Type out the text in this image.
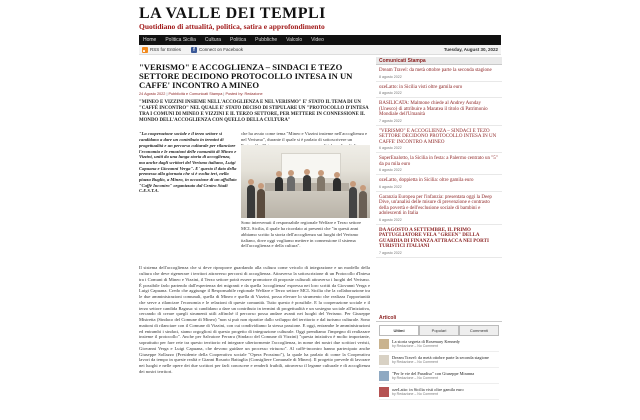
LA VALLE DEI TEMPLI
Quotidiano di attualità, politica, satira e approfondimento
Home Politica Sicilia Cultura Politica Pubbliche Valcolo Video
RSS for Entries	f Connect on Facebook	Tuesday, August 30, 2022
"VERISMO" E ACCOGLIENZA – SINDACI E TEZO SETTORE DECIDONO PROTOCOLLO INTESA IN UN CAFFE' INCONTRO A MINEO
24 Agosto 2022 | Pubblicità e Comunicati Stampa | Posted by: Redazione
"MINEO E VIZZINI INSIEME NELL'ACCOGLIENZA E NEL VERISMO" E' STATO IL TEMA DI UN "CAFFÈ INCONTRO" NEL QUALE E' STATO DECISO DI STIPULARE UN "PROTOCOLLO D'INTESA TRA I COMUNI DI MINEO E VIZZINI E IL TERZO SETTORE, PER METTERE IN CONNESSIONE IL MONDO DELL'ACCOGLIENZA CON QUELLO DELLA CULTURA"
"La cooperazione sociale e il terzo settore si candidano a dare un contributo in termini di progettualità e un percorso culturale per rilanciare l'economia e le emozioni delle comunità di Mineo e Vizzini, uniti da una lunga storia di accoglienza, ma anche dagli scrittori del Verismo italiano, Luigi Capuana e Giovanni Verga". E' questo il dato della premessa alla giornata che si è svolta ieri, nella piazza Buglio, a Mineo, in occasione di un affollato "Caffè Incontro" organizzato dal Centro Studi C.E.S.T.A.
che ha avuto come tema "Mineo e Vizzini insieme nell'accoglienza e nel Verismo", durante il quale si è parlato di sottoscrivere un
Sono intervenuti il responsabile regionale Welfare e Terzo settore MCL Sicilia, il quale ha ricordato ai presenti che "in questi anni abbiamo scritto la storia dell'accoglienza sui luoghi del Verismo italiano, dove oggi vogliamo mettere in connessione il sistema dell'accoglienza e della cultura".
Il sistema dell'accoglienza che si deve riproporre guardando alla cultura come veicolo di integrazione e un modello della cultura che deve rigenerare i territori attraverso percorsi di accoglienza. Attraverso la sottoscrizione di un Protocollo d'Intesa tra i Comuni di Mineo e Vizzini, il Terzo settore potrà essere promotore di proposte culturali attraverso i luoghi del Verismo. È possibile farlo partendo dall'esperienza dei migranti e da quella 'accoglienza' espressa nei loro scritti da Giovanni Verga e Luigi Capuana. Credo che aggiunge il Responsabile regionale Welfare e Terzo settore MCL Sicilia che la collaborazione tra le due amministrazioni comunali, quella di Mineo e quella di Vizzini, possa elevare lo strumento che realizza l'opportunità che serve a rilanciare l'economia e le relazioni di queste comunità. Tutto questo è possibile. E la cooperazione sociale e il terzo settore candida Ragusa: si candidano a dare un contributo in termini di progettualità e un sostegno sociale all'iniziativa, cercando di creare quegli strumenti utili affinché il percorso possa andare avanti nei luoghi del Verismo. Per Giuseppe Mistretta (Sindaco del Comune di Mineo) "non si può non ripartire dallo sviluppo del territorio e dal turismo culturale. Sono mattoni di rilanciare con il Comune di Vizzini, con cui condividiamo la stessa passione. E oggi, entrambe le amministrazioni ed entrambi i sindaci, siamo orgogliosi di questo progetto di integrazione culturale. Oggi prendiamo l'impegno di realizzare insieme il protocollo". Anche per Salvatore Ferrara (Sindaco del Comune di Vizzini) "questa iniziativa è molto importante, soprattutto per fare rete tra questo territorio ed integrare ulteriormente l'accoglienza, in nome dei nostri due scrittori veristi, Giovanni Verga e Luigi Capuana, che devono guidare un processo virtuoso". Al caffè-incontro hanno partecipato anche Giuseppe Sollazzo (Presidente della Cooperativa sociale "Opera Prossimo"), la quale ha parlato di come la Cooperativa lavori da tempo in queste realtà e Gianni Rosario Battaglia (Consigliere Comunale di Mineo). Il progetto prevede di lavorare nei luoghi e nelle opere dei due scrittori per farli conoscere e renderli fruibili, attraverso il legame culturale e di accoglienza dei nostri territori.
Comunicati Stampa
Dream Travel: da metà ottobre parte la seconda stagione
8 agosto 2022
ozeLatto: in Sicilia visti oltre gamila euro
8 agosto 2022
BASILICATA: Malmone chiede al Andrey Asnday (Unesco) di attribuire a Maratea il titolo di Patrimonio Mondiale dell'Umanità
7 agosto 2022
"VERISMO" E ACCOGLIENZA – SINDACI E TEZO SETTORE DECIDONO PROTOCOLLO INTESA IN UN CAFFE' INCONTRO A MINEO
6 agosto 2022
SuperEnalotto, la Sicilia in festa: a Palermo centrato un "5" da pu mila euro
6 agosto 2022
ozeLatto, doppietta in Sicilia: oltre gamila euro
6 agosto 2022
Garanzia Europea per l'infanzia: presentata oggi la Deep Dive, un'analisi delle misure di prevenzione e contrasto della povertà e dell'esclusione sociale di bambini e adolescenti in Italia
6 agosto 2022
DA AGOSTO A SETTEMBRE, IL PRIMO PATTUGLIATORE VELA "GREEN" DELLA GUARDIA DI FINANZA ATTRACCA NEI PORTI TURISTICI ITALIANI
7 agosto 2022
Articoli
Ultimi	Popolari	Commenti
La storia segreta di Rosemary Kennedy
by Redazione – No Comment
Dream Travel: da metà ottobre parte la seconda stagione
by Redazione – No Comment
"Per le vie del Paradiso" con Giuseppe Miranna
by Redazione – No Comment
ozeLatto: in Sicilia visti oltre gamila euro
by Redazione – No Comment
